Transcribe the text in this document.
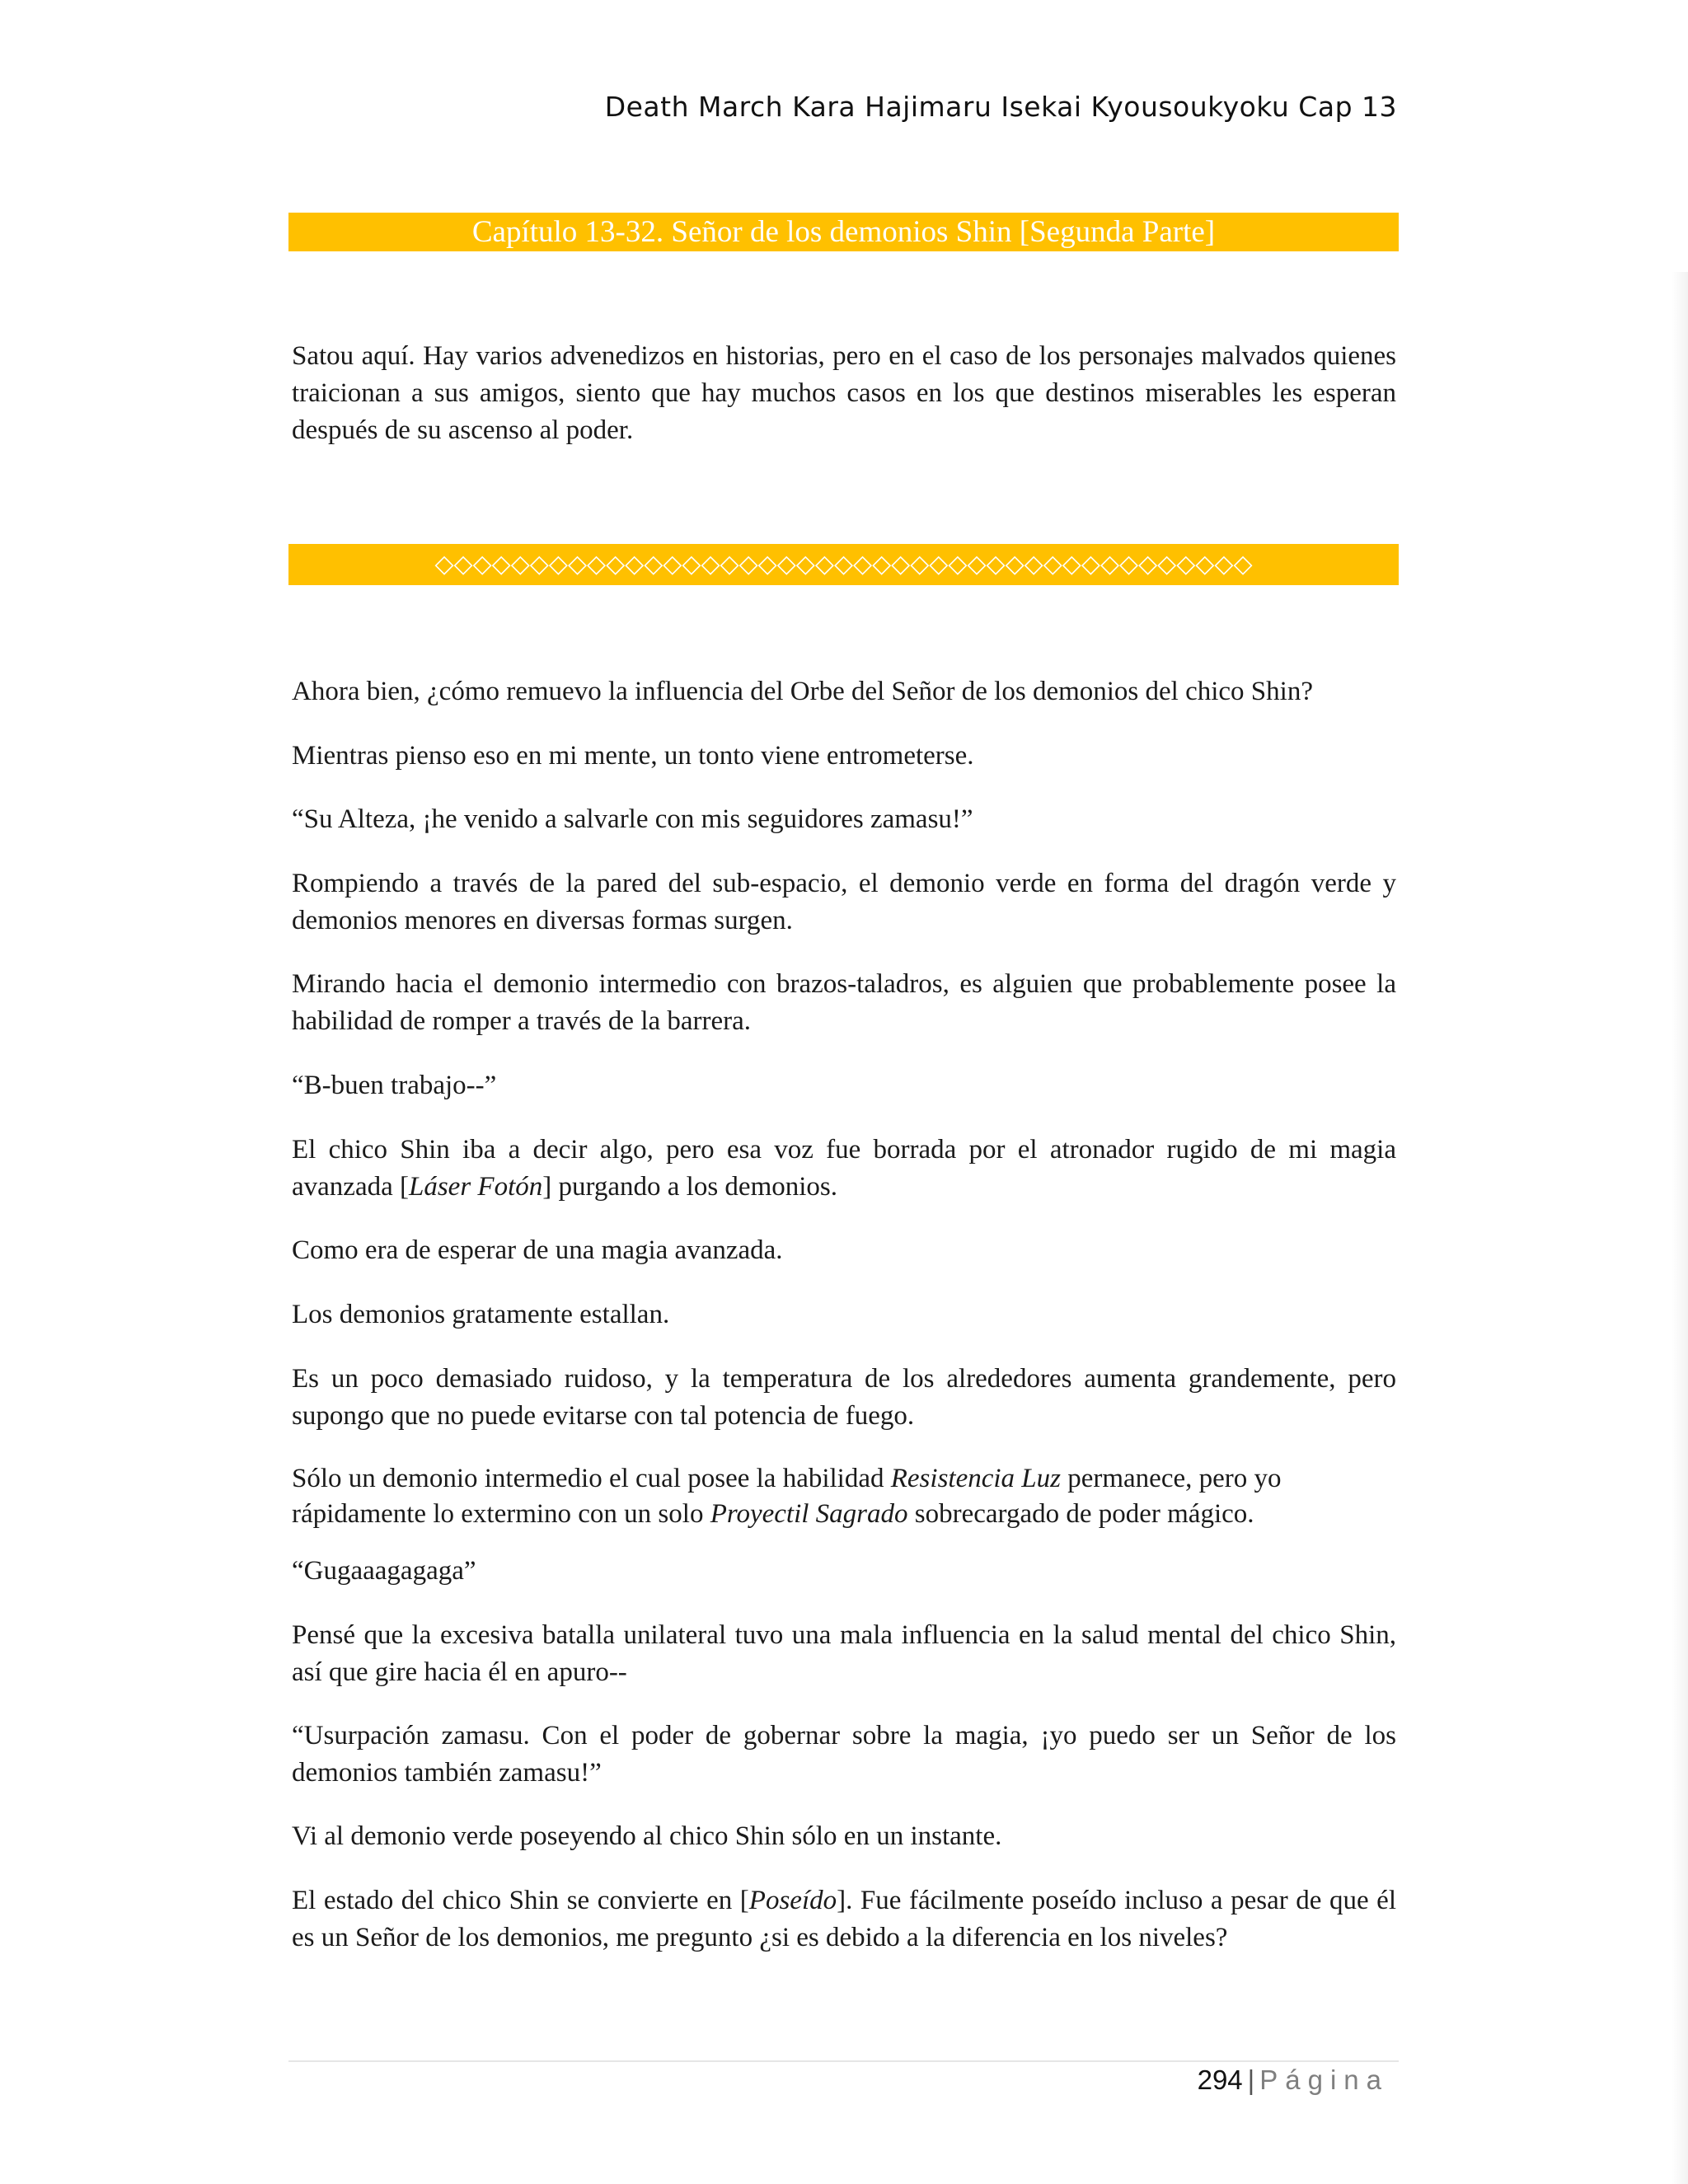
Death March Kara Hajimaru Isekai Kyousoukyoku Cap 13
Capítulo 13-32. Señor de los demonios Shin [Segunda Parte]

Satou aquí. Hay varios advenedizos en historias, pero en el caso de los personajes malvados quienes traicionan a sus amigos, siento que hay muchos casos en los que destinos miserables les esperan después de su ascenso al poder.

◇◇◇◇◇◇◇◇◇◇◇◇◇◇◇◇◇◇◇◇◇◇◇◇◇◇◇◇◇◇◇◇◇◇◇◇◇◇◇◇◇◇◇

Ahora bien, ¿cómo remuevo la influencia del Orbe del Señor de los demonios del chico Shin?

Mientras pienso eso en mi mente, un tonto viene entrometerse.

“Su Alteza, ¡he venido a salvarle con mis seguidores zamasu!”

Rompiendo a través de la pared del sub-espacio, el demonio verde en forma del dragón verde y demonios menores en diversas formas surgen.

Mirando hacia el demonio intermedio con brazos-taladros, es alguien que probablemente posee la habilidad de romper a través de la barrera.

“B-buen trabajo--”

El chico Shin iba a decir algo, pero esa voz fue borrada por el atronador rugido de mi magia avanzada [Láser Fotón] purgando a los demonios.

Como era de esperar de una magia avanzada.

Los demonios gratamente estallan.

Es un poco demasiado ruidoso, y la temperatura de los alrededores aumenta grandemente, pero supongo que no puede evitarse con tal potencia de fuego.

Sólo un demonio intermedio el cual posee la habilidad Resistencia Luz permanece, pero yo rápidamente lo extermino con un solo Proyectil Sagrado sobrecargado de poder mágico.

“Gugaaagagaga”

Pensé que la excesiva batalla unilateral tuvo una mala influencia en la salud mental del chico Shin, así que gire hacia él en apuro--

“Usurpación zamasu. Con el poder de gobernar sobre la magia, ¡yo puedo ser un Señor de los demonios también zamasu!”

Vi al demonio verde poseyendo al chico Shin sólo en un instante.

El estado del chico Shin se convierte en [Poseído]. Fue fácilmente poseído incluso a pesar de que él es un Señor de los demonios, me pregunto ¿si es debido a la diferencia en los niveles?

294 | Página
